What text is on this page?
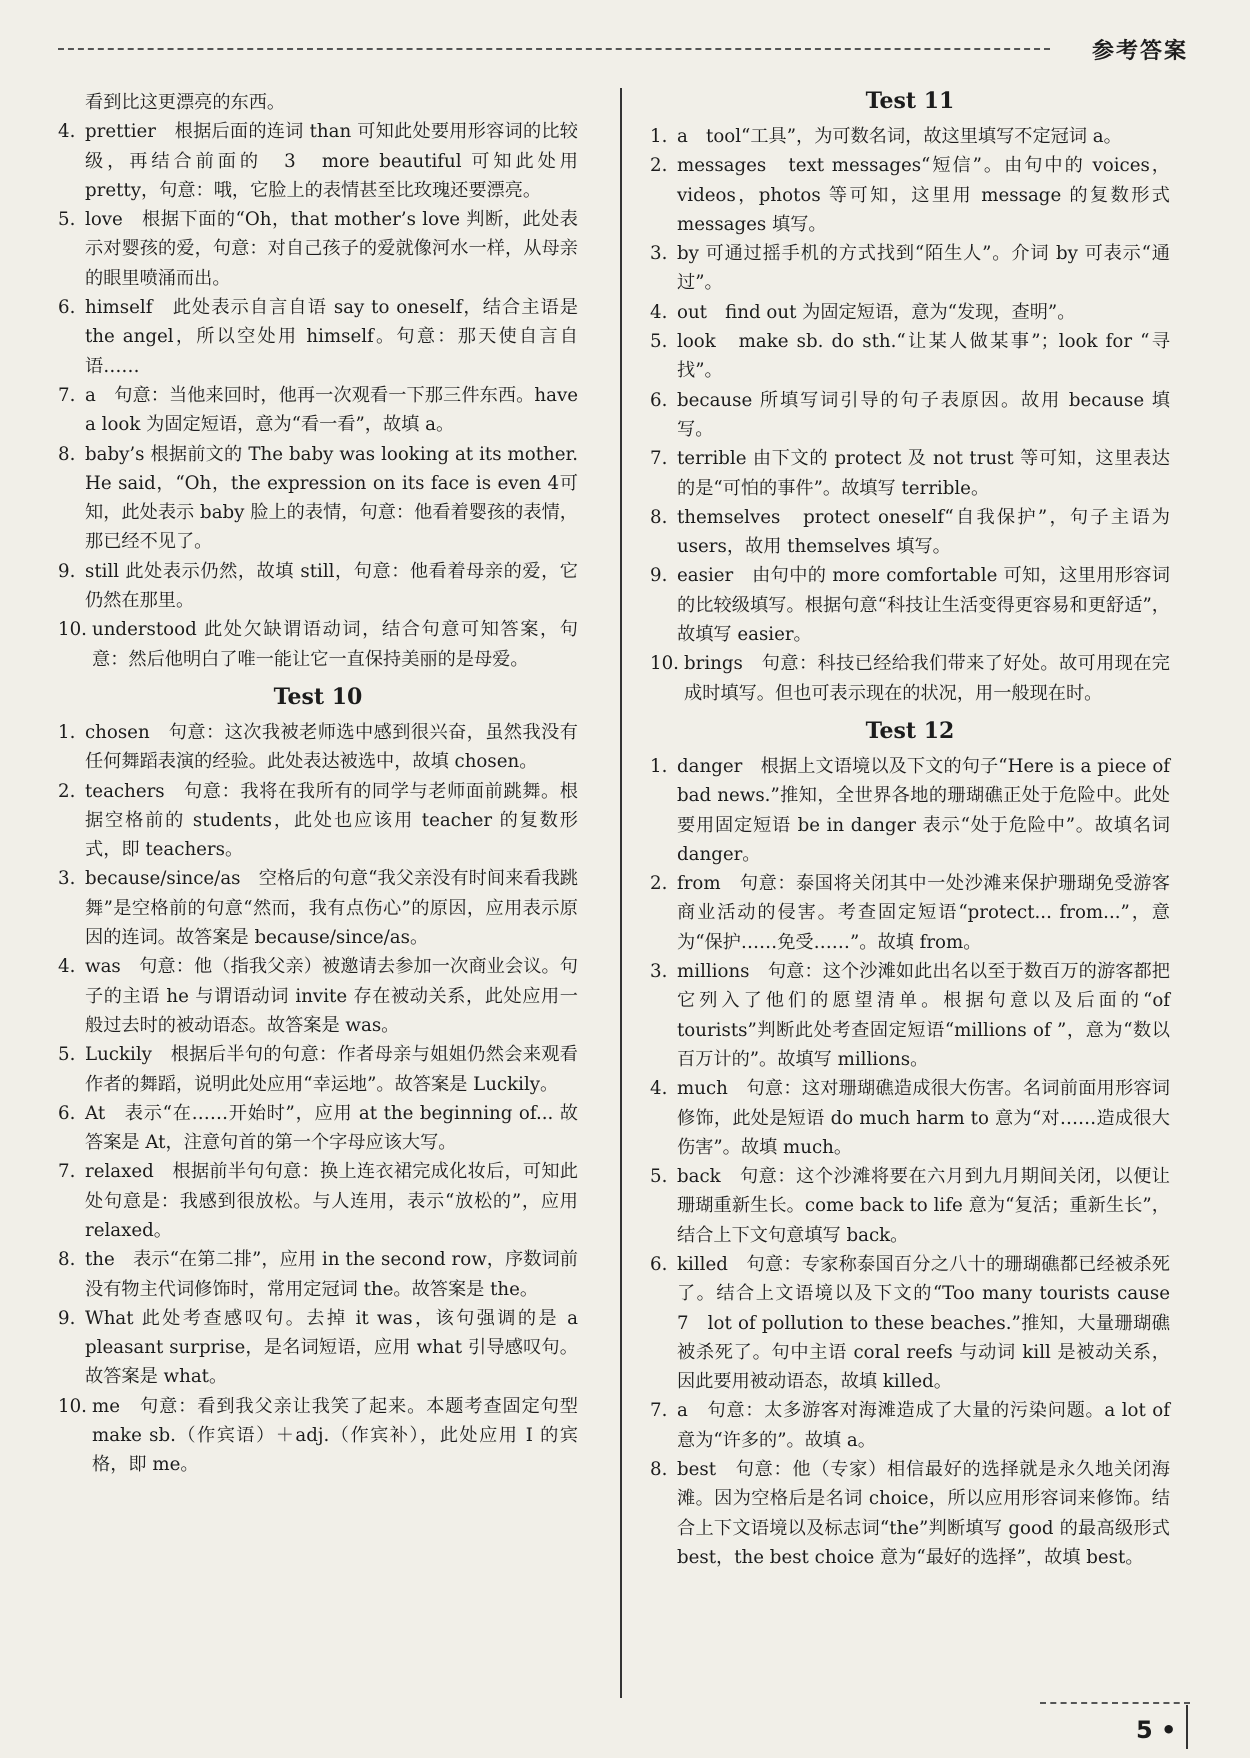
参考答案

看到比这更漂亮的东西。

4. prettier　根据后面的连词 than 可知此处要用形容词的比较级，再结合前面的　3　more beautiful 可知此处用 pretty，句意：哦，它脸上的表情甚至比玫瑰还要漂亮。
5. love　根据下面的“Oh，that mother’s love 判断，此处表示对婴孩的爱，句意：对自己孩子的爱就像河水一样，从母亲的眼里喷涌而出。
6. himself　此处表示自言自语 say to oneself，结合主语是 the angel，所以空处用 himself。句意：那天使自言自语……
7. a　句意：当他来回时，他再一次观看一下那三件东西。have a look 为固定短语，意为“看一看”，故填 a。
8. baby’s 根据前文的 The baby was looking at its mother. He said，“Oh，the expression on its face is even 4可知，此处表示 baby 脸上的表情，句意：他看着婴孩的表情，那已经不见了。
9. still 此处表示仍然，故填 still，句意：他看着母亲的爱，它仍然在那里。
10. understood 此处欠缺谓语动词，结合句意可知答案，句意：然后他明白了唯一能让它一直保持美丽的是母爱。
Test 10
1. chosen　句意：这次我被老师选中感到很兴奋，虽然我没有任何舞蹈表演的经验。此处表达被选中，故填 chosen。
2. teachers　句意：我将在我所有的同学与老师面前跳舞。根据空格前的 students，此处也应该用 teacher 的复数形式，即 teachers。
3. because/since/as　空格后的句意“我父亲没有时间来看我跳舞”是空格前的句意“然而，我有点伤心”的原因，应用表示原因的连词。故答案是 because/since/as。
4. was　句意：他（指我父亲）被邀请去参加一次商业会议。句子的主语 he 与谓语动词 invite 存在被动关系，此处应用一般过去时的被动语态。故答案是 was。
5. Luckily　根据后半句的句意：作者母亲与姐姐仍然会来观看作者的舞蹈，说明此处应用“幸运地”。故答案是 Luckily。
6. At　表示“在……开始时”，应用 at the beginning of... 故答案是 At，注意句首的第一个字母应该大写。
7. relaxed　根据前半句句意：换上连衣裙完成化妆后，可知此处句意是：我感到很放松。与人连用，表示“放松的”，应用 relaxed。
8. the　表示“在第二排”，应用 in the second row，序数词前没有物主代词修饰时，常用定冠词 the。故答案是 the。
9. What 此处考查感叹句。去掉 it was，该句强调的是 a pleasant surprise，是名词短语，应用 what 引导感叹句。故答案是 what。
10. me　句意：看到我父亲让我笑了起来。本题考查固定句型 make sb.（作宾语）＋adj.（作宾补），此处应用 I 的宾格，即 me。
Test 11
1. a　tool“工具”，为可数名词，故这里填写不定冠词 a。
2. messages　text messages“短信”。由句中的 voices，videos，photos 等可知，这里用 message 的复数形式 messages 填写。
3. by 可通过摇手机的方式找到“陌生人”。介词 by 可表示“通过”。
4. out　find out 为固定短语，意为“发现，查明”。
5. look　make sb. do sth.“让某人做某事”；look for “寻找”。
6. because 所填写词引导的句子表原因。故用 because 填写。
7. terrible 由下文的 protect 及 not trust 等可知，这里表达的是“可怕的事件”。故填写 terrible。
8. themselves　protect oneself“自我保护”，句子主语为 users，故用 themselves 填写。
9. easier　由句中的 more comfortable 可知，这里用形容词的比较级填写。根据句意“科技让生活变得更容易和更舒适”，故填写 easier。
10. brings　句意：科技已经给我们带来了好处。故可用现在完成时填写。但也可表示现在的状况，用一般现在时。
Test 12
1. danger　根据上文语境以及下文的句子“Here is a piece of bad news.”推知，全世界各地的珊瑚礁正处于危险中。此处要用固定短语 be in danger 表示“处于危险中”。故填名词 danger。
2. from　句意：泰国将关闭其中一处沙滩来保护珊瑚免受游客商业活动的侵害。考查固定短语“protect... from...”，意为“保护……免受……”。故填 from。
3. millions　句意：这个沙滩如此出名以至于数百万的游客都把它列入了他们的愿望清单。根据句意以及后面的“of tourists”判断此处考查固定短语“millions of ”，意为“数以百万计的”。故填写 millions。
4. much　句意：这对珊瑚礁造成很大伤害。名词前面用形容词修饰，此处是短语 do much harm to 意为“对……造成很大伤害”。故填 much。
5. back　句意：这个沙滩将要在六月到九月期间关闭，以便让珊瑚重新生长。come back to life 意为“复活；重新生长”，结合上下文句意填写 back。
6. killed　句意：专家称泰国百分之八十的珊瑚礁都已经被杀死了。结合上文语境以及下文的“Too many tourists cause　7　lot of pollution to these beaches.”推知，大量珊瑚礁被杀死了。句中主语 coral reefs 与动词 kill 是被动关系，因此要用被动语态，故填 killed。
7. a　句意：太多游客对海滩造成了大量的污染问题。a lot of 意为“许多的”。故填 a。
8. best　句意：他（专家）相信最好的选择就是永久地关闭海滩。因为空格后是名词 choice，所以应用形容词来修饰。结合上下文语境以及标志词“the”判断填写 good 的最高级形式 best，the best choice 意为“最好的选择”，故填 best。
5 •
